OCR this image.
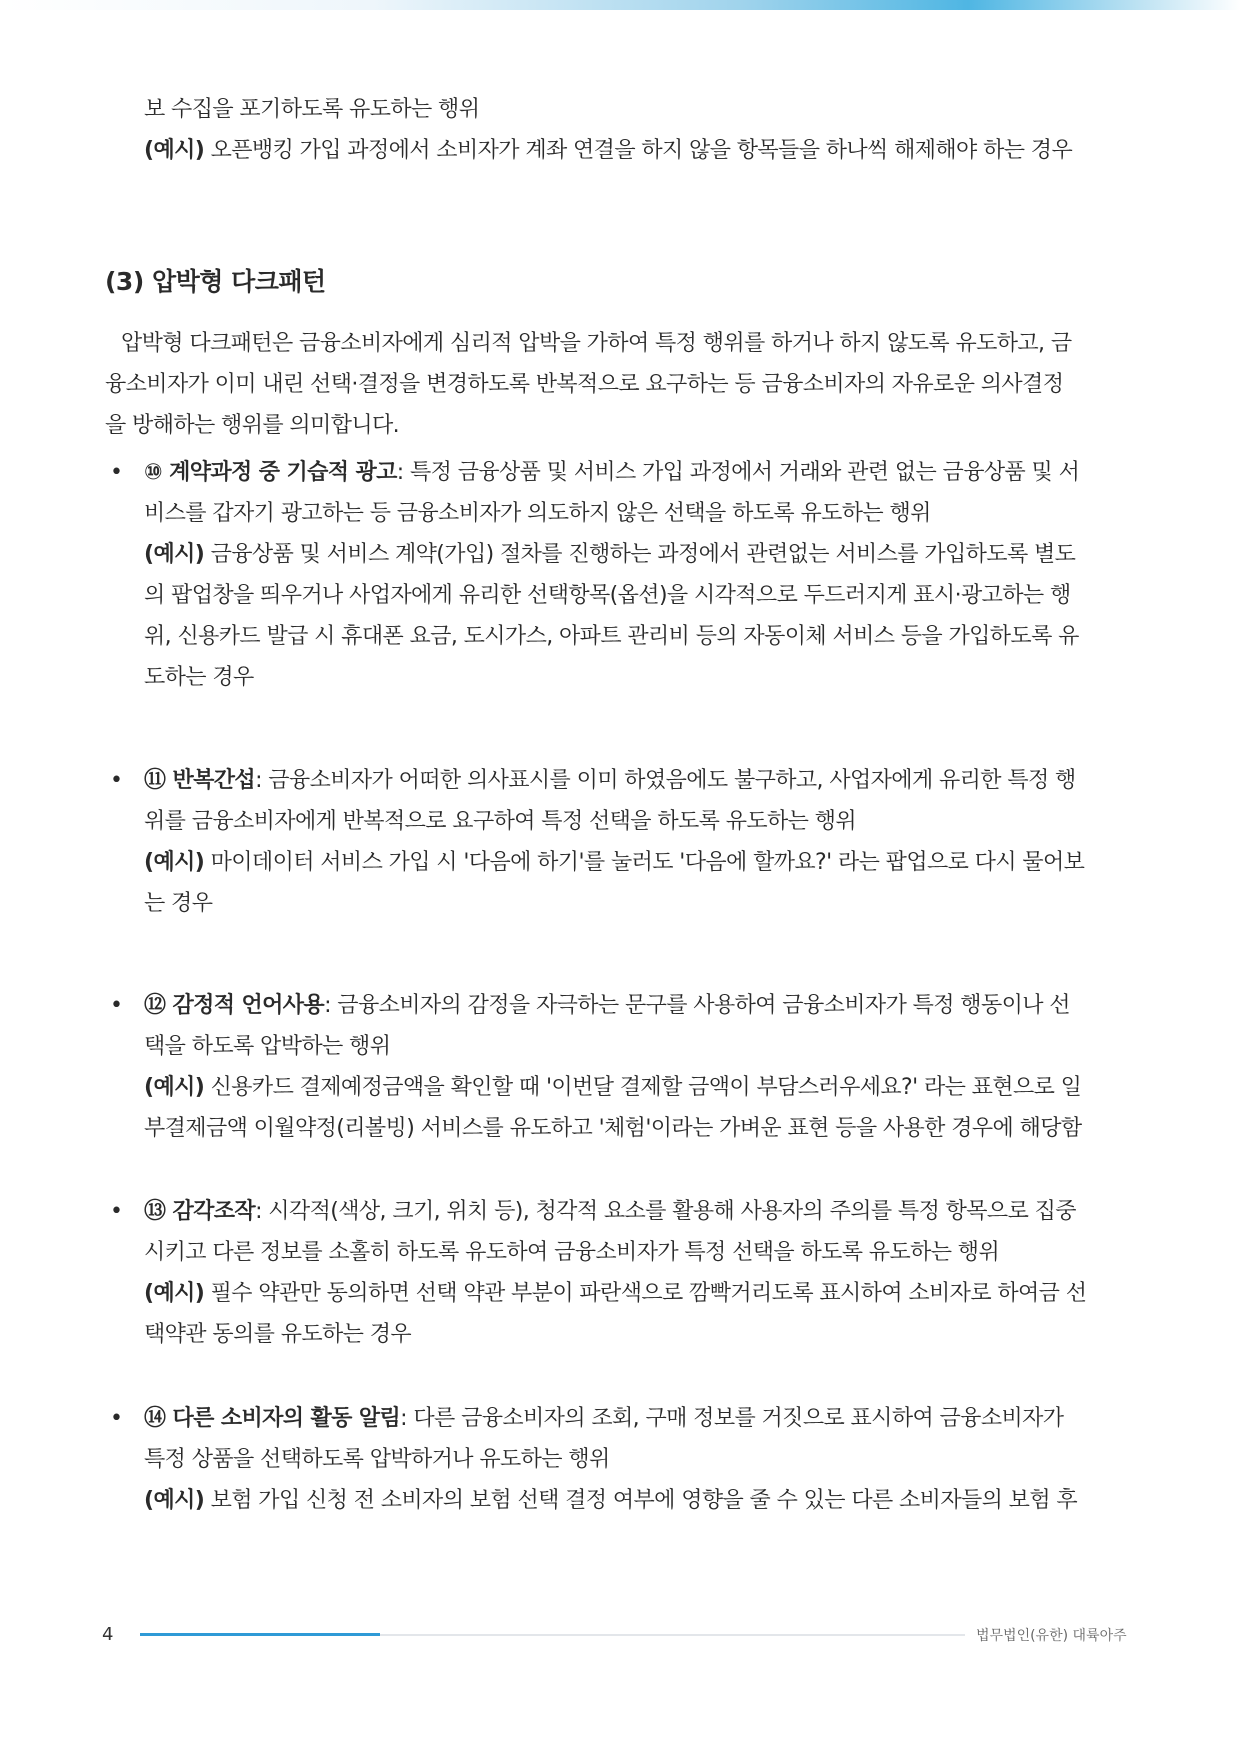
보 수집을 포기하도록 유도하는 행위
(예시) 오픈뱅킹 가입 과정에서 소비자가 계좌 연결을 하지 않을 항목들을 하나씩 해제해야 하는 경우
(3) 압박형 다크패턴
압박형 다크패턴은 금융소비자에게 심리적 압박을 가하여 특정 행위를 하거나 하지 않도록 유도하고, 금
융소비자가 이미 내린 선택·결정을 변경하도록 반복적으로 요구하는 등 금융소비자의 자유로운 의사결정
을 방해하는 행위를 의미합니다.
• ⑩ 계약과정 중 기습적 광고: 특정 금융상품 및 서비스 가입 과정에서 거래와 관련 없는 금융상품 및 서
비스를 갑자기 광고하는 등 금융소비자가 의도하지 않은 선택을 하도록 유도하는 행위
(예시) 금융상품 및 서비스 계약(가입) 절차를 진행하는 과정에서 관련없는 서비스를 가입하도록 별도
의 팝업창을 띄우거나 사업자에게 유리한 선택항목(옵션)을 시각적으로 두드러지게 표시·광고하는 행
위, 신용카드 발급 시 휴대폰 요금, 도시가스, 아파트 관리비 등의 자동이체 서비스 등을 가입하도록 유
도하는 경우
• ⑪ 반복간섭: 금융소비자가 어떠한 의사표시를 이미 하였음에도 불구하고, 사업자에게 유리한 특정 행
위를 금융소비자에게 반복적으로 요구하여 특정 선택을 하도록 유도하는 행위
(예시) 마이데이터 서비스 가입 시 '다음에 하기'를 눌러도 '다음에 할까요?' 라는 팝업으로 다시 물어보
는 경우
• ⑫ 감정적 언어사용: 금융소비자의 감정을 자극하는 문구를 사용하여 금융소비자가 특정 행동이나 선
택을 하도록 압박하는 행위
(예시) 신용카드 결제예정금액을 확인할 때 '이번달 결제할 금액이 부담스러우세요?' 라는 표현으로 일
부결제금액 이월약정(리볼빙) 서비스를 유도하고 '체험'이라는 가벼운 표현 등을 사용한 경우에 해당함
• ⑬ 감각조작: 시각적(색상, 크기, 위치 등), 청각적 요소를 활용해 사용자의 주의를 특정 항목으로 집중
시키고 다른 정보를 소홀히 하도록 유도하여 금융소비자가 특정 선택을 하도록 유도하는 행위
(예시) 필수 약관만 동의하면 선택 약관 부분이 파란색으로 깜빡거리도록 표시하여 소비자로 하여금 선
택약관 동의를 유도하는 경우
• ⑭ 다른 소비자의 활동 알림: 다른 금융소비자의 조회, 구매 정보를 거짓으로 표시하여 금융소비자가
특정 상품을 선택하도록 압박하거나 유도하는 행위
(예시) 보험 가입 신청 전 소비자의 보험 선택 결정 여부에 영향을 줄 수 있는 다른 소비자들의 보험 후
4	법무법인(유한) 대륙아주
